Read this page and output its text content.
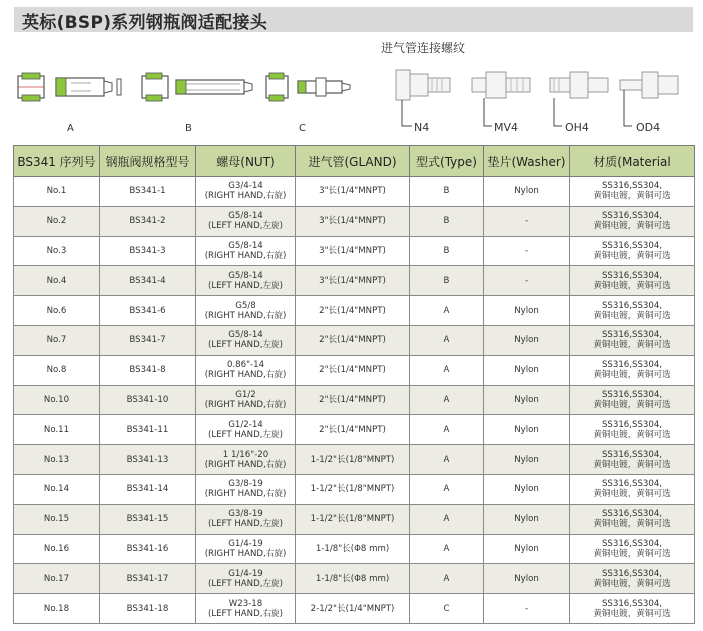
英标(BSP)系列钢瓶阀适配接头
进气管连接螺纹
A	B	C	N4	MV4	OH4	OD4
BS341 序列号	钢瓶阀规格型号	螺母(NUT)	进气管(GLAND)	型式(Type)	垫片(Washer)	材质(Material
No.1	BS341-1	G3/4-14
(RIGHT HAND,右旋)	3"长(1/4"MNPT)	B	Nylon	SS316,SS304,
黄铜电镀，黄铜可选

No.2	BS341-2	G5/8-14
(LEFT HAND,左旋)	3"长(1/4"MNPT)	B	-	SS316,SS304,
黄铜电镀，黄铜可选

No.3	BS341-3	G5/8-14
(RIGHT HAND,右旋)	3"长(1/4"MNPT)	B	-	SS316,SS304,
黄铜电镀，黄铜可选

No.4	BS341-4	G5/8-14
(LEFT HAND,左旋)	3"长(1/4"MNPT)	B	-	SS316,SS304,
黄铜电镀，黄铜可选

No.6	BS341-6	G5/8
(RIGHT HAND,右旋)	2"长(1/4"MNPT)	A	Nylon	SS316,SS304,
黄铜电镀，黄铜可选

No.7	BS341-7	G5/8-14
(LEFT HAND,左旋)	2"长(1/4"MNPT)	A	Nylon	SS316,SS304,
黄铜电镀，黄铜可选

No.8	BS341-8	0.86"-14
(RIGHT HAND,右旋)	2"长(1/4"MNPT)	A	Nylon	SS316,SS304,
黄铜电镀，黄铜可选

No.10	BS341-10	G1/2
(RIGHT HAND,右旋)	2"长(1/4"MNPT)	A	Nylon	SS316,SS304,
黄铜电镀，黄铜可选

No.11	BS341-11	G1/2-14
(LEFT HAND,左旋)	2"长(1/4"MNPT)	A	Nylon	SS316,SS304,
黄铜电镀，黄铜可选

No.13	BS341-13	1 1/16"-20
(RIGHT HAND,右旋)	1-1/2"长(1/8"MNPT)	A	Nylon	SS316,SS304,
黄铜电镀，黄铜可选

No.14	BS341-14	G3/8-19
(RIGHT HAND,右旋)	1-1/2"长(1/8"MNPT)	A	Nylon	SS316,SS304,
黄铜电镀，黄铜可选

No.15	BS341-15	G3/8-19
(LEFT HAND,左旋)	1-1/2"长(1/8"MNPT)	A	Nylon	SS316,SS304,
黄铜电镀，黄铜可选

No.16	BS341-16	G1/4-19
(RIGHT HAND,右旋)	1-1/8"长(Φ8 mm)	A	Nylon	SS316,SS304,
黄铜电镀，黄铜可选

No.17	BS341-17	G1/4-19
(LEFT HAND,左旋)	1-1/8"长(Φ8 mm)	A	Nylon	SS316,SS304,
黄铜电镀，黄铜可选

No.18	BS341-18	W23-18
(LEFT HAND,右旋)	2-1/2"长(1/4"MNPT)	C	-	SS316,SS304,
黄铜电镀，黄铜可选
